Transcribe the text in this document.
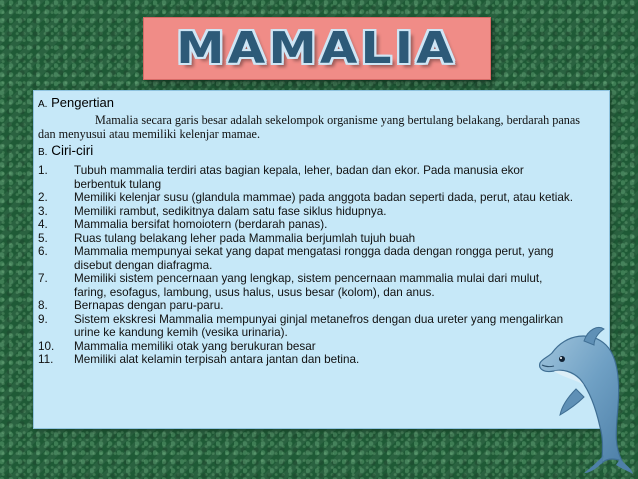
MAMALIA
A. Pengertian
Mamalia secara garis besar adalah sekelompok organisme yang bertulang belakang, berdarah panas dan menyusui atau memiliki kelenjar mamae.
B. Ciri-ciri
1.	Tubuh mammalia terdiri atas bagian kepala, leher, badan dan ekor. Pada manusia ekor berbentuk tulang
2.	Memiliki kelenjar susu (glandula mammae) pada anggota badan seperti dada, perut, atau ketiak.
3.	Memiliki rambut, sedikitnya dalam satu fase siklus hidupnya.
4.	Mammalia bersifat homoiotern (berdarah panas).
5.	Ruas tulang belakang leher pada Mammalia berjumlah tujuh buah
6.	Mammalia mempunyai sekat yang dapat mengatasi rongga dada dengan rongga perut, yang disebut dengan diafragma.
7.	Memiliki sistem pencernaan yang lengkap, sistem pencernaan mammalia mulai dari mulut, faring, esofagus, lambung, usus halus, usus besar (kolom), dan anus.
8.	Bernapas dengan paru-paru.
9.	Sistem ekskresi Mammalia mempunyai ginjal metanefros dengan dua ureter yang mengalirkan urine ke kandung kemih (vesika urinaria).
10.	Mammalia memiliki otak yang berukuran besar
11.	Memiliki alat kelamin terpisah antara jantan dan betina.
